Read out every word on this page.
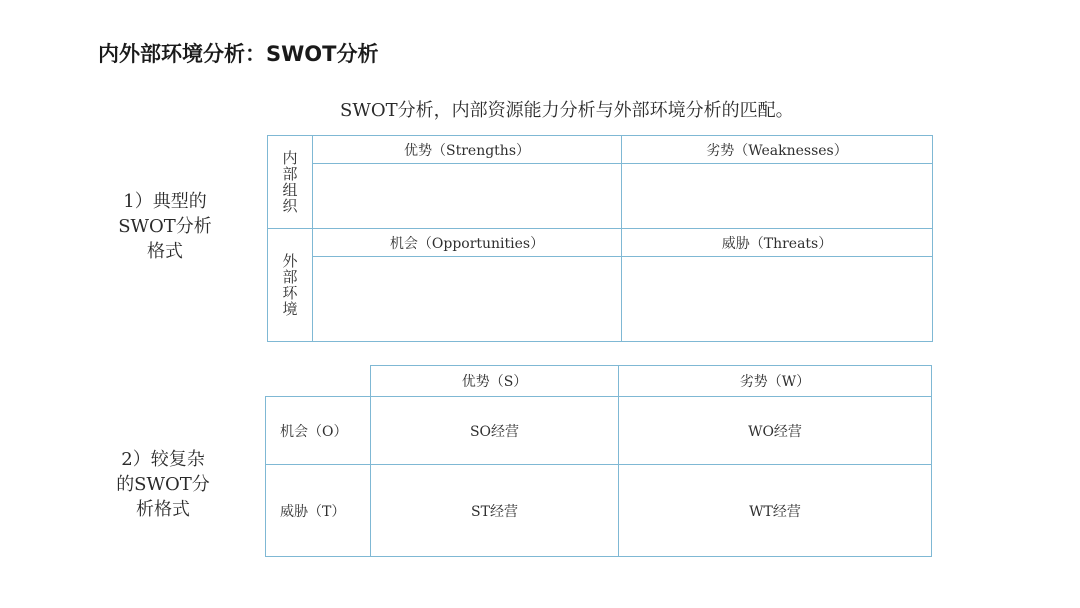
内外部环境分析：SWOT分析
SWOT分析，内部资源能力分析与外部环境分析的匹配。
1）典型的
SWOT分析
格式
内
部
组
织	优势（Strengths）	劣势（Weaknesses）

外
部
环
境	机会（Opportunities）	威胁（Threats）

2）较复杂
的SWOT分
析格式
	优势（S）	劣势（W）
机会（O）	SO经营	WO经营
威胁（T）	ST经营	WT经营
